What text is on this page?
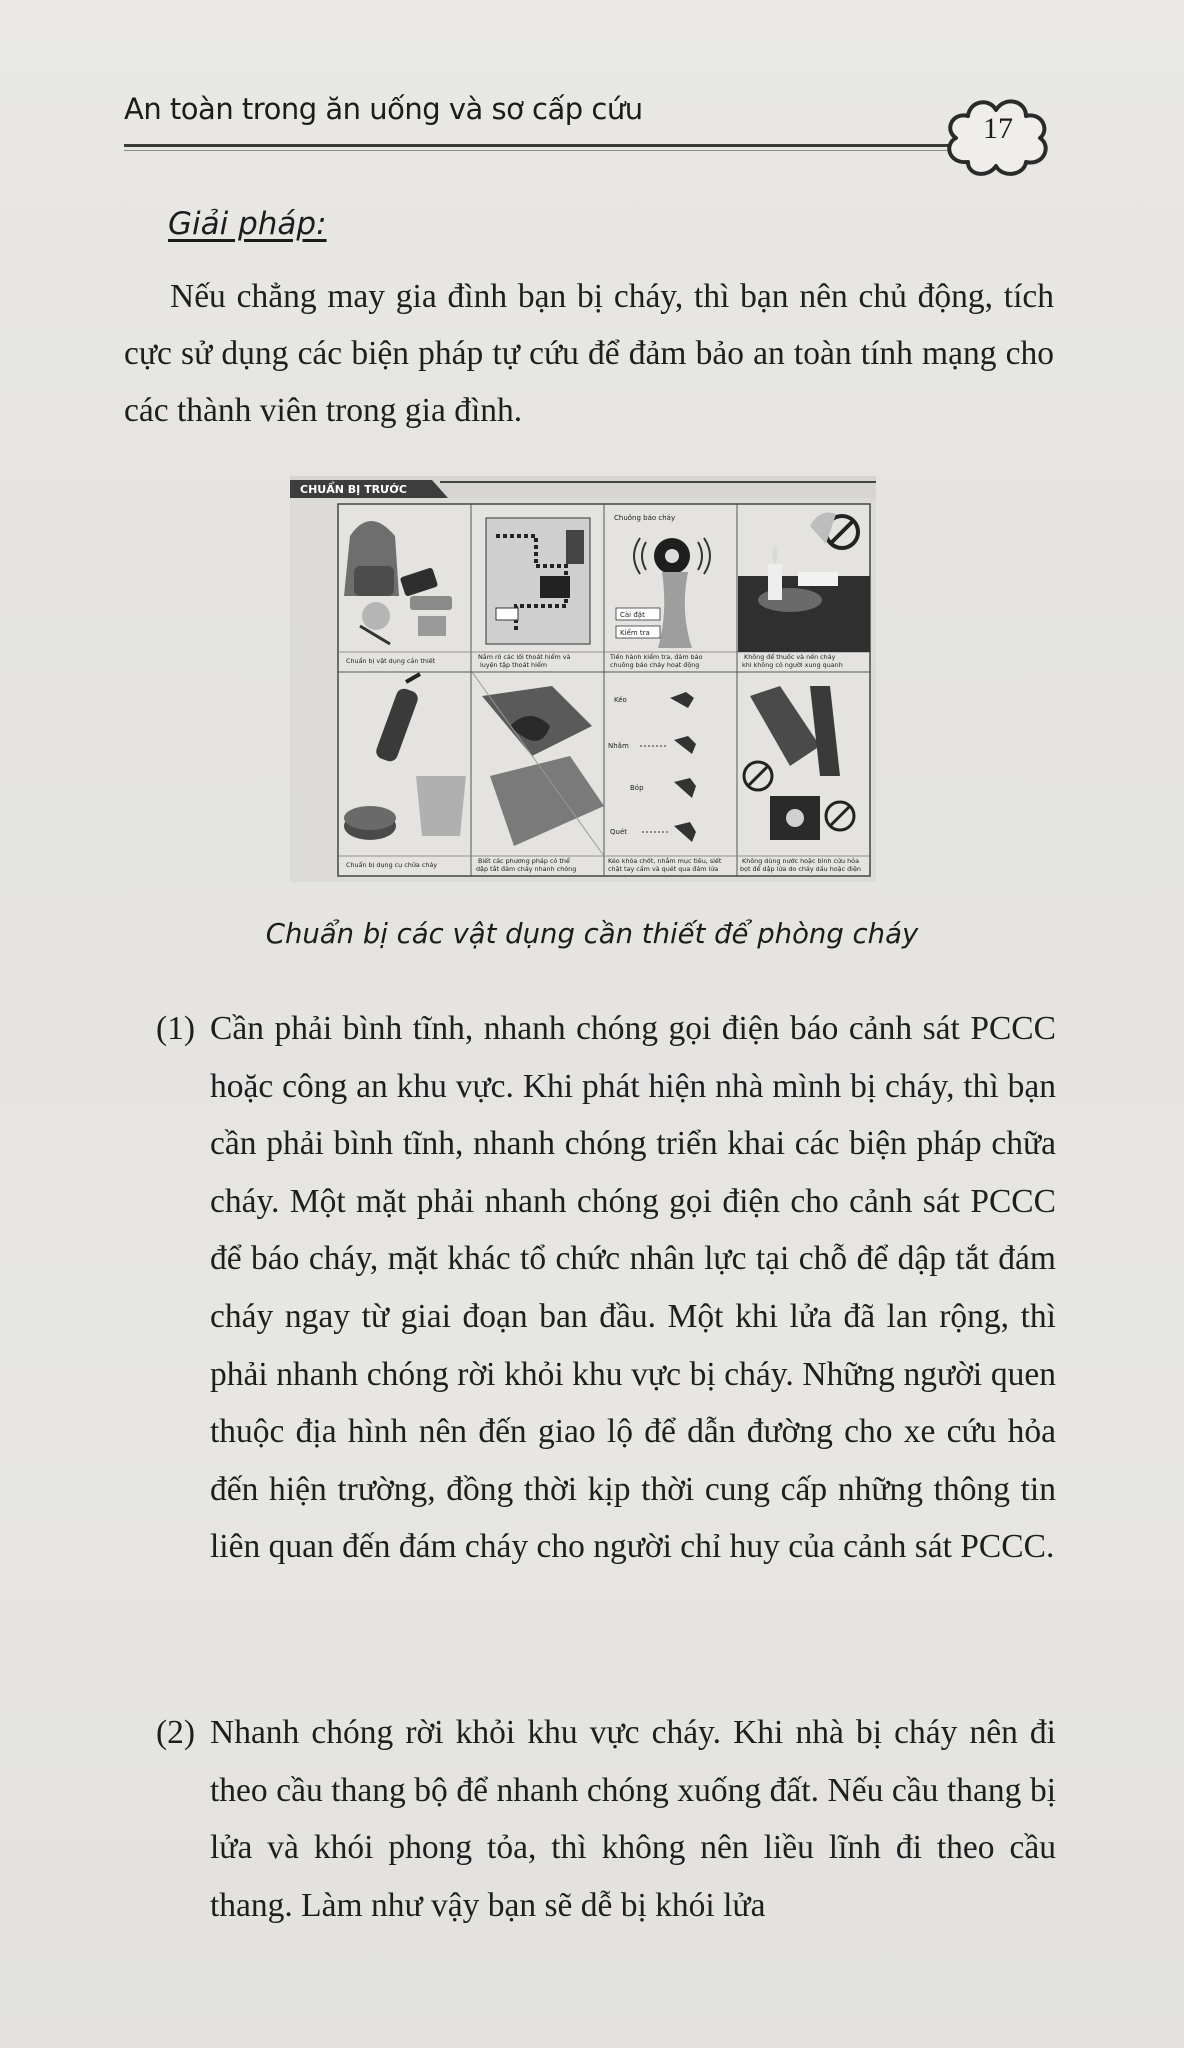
An toàn trong ăn uống và sơ cấp cứu
17
Giải pháp:

Nếu chẳng may gia đình bạn bị cháy, thì bạn nên chủ động, tích cực sử dụng các biện pháp tự cứu để đảm bảo an toàn tính mạng cho các thành viên trong gia đình.

CHUẨN BỊ TRƯỚC
Chuẩn bị vật dụng cần thiết	Nắm rõ các lối thoát hiểm và
luyện tập thoát hiểm
Chuông báo cháy
Cài đặt
Kiểm tra
Tiến hành kiểm tra, đảm bảo
chuông báo cháy hoạt động
Không để thuốc và nến cháy
khi không có người xung quanh
Chuẩn bị dụng cụ chữa cháy	Biết các phương pháp có thể
dập tắt đám cháy nhanh chóng
Kéo
Nhắm
Bóp
Quét
Kéo khóa chốt, nhắm mục tiêu, siết
chặt tay cầm và quét qua đám lửa
Không dùng nước hoặc bình cứu hỏa
bọt để dập lửa do cháy dầu hoặc điện
Chuẩn bị các vật dụng cần thiết để phòng cháy
(1) Cần phải bình tĩnh, nhanh chóng gọi điện báo cảnh sát PCCC hoặc công an khu vực. Khi phát hiện nhà mình bị cháy, thì bạn cần phải bình tĩnh, nhanh chóng triển khai các biện pháp chữa cháy. Một mặt phải nhanh chóng gọi điện cho cảnh sát PCCC để báo cháy, mặt khác tổ chức nhân lực tại chỗ để dập tắt đám cháy ngay từ giai đoạn ban đầu. Một khi lửa đã lan rộng, thì phải nhanh chóng rời khỏi khu vực bị cháy. Những người quen thuộc địa hình nên đến giao lộ để dẫn đường cho xe cứu hỏa đến hiện trường, đồng thời kịp thời cung cấp những thông tin liên quan đến đám cháy cho người chỉ huy của cảnh sát PCCC.

(2) Nhanh chóng rời khỏi khu vực cháy. Khi nhà bị cháy nên đi theo cầu thang bộ để nhanh chóng xuống đất. Nếu cầu thang bị lửa và khói phong tỏa, thì không nên liều lĩnh đi theo cầu thang. Làm như vậy bạn sẽ dễ bị khói lửa
